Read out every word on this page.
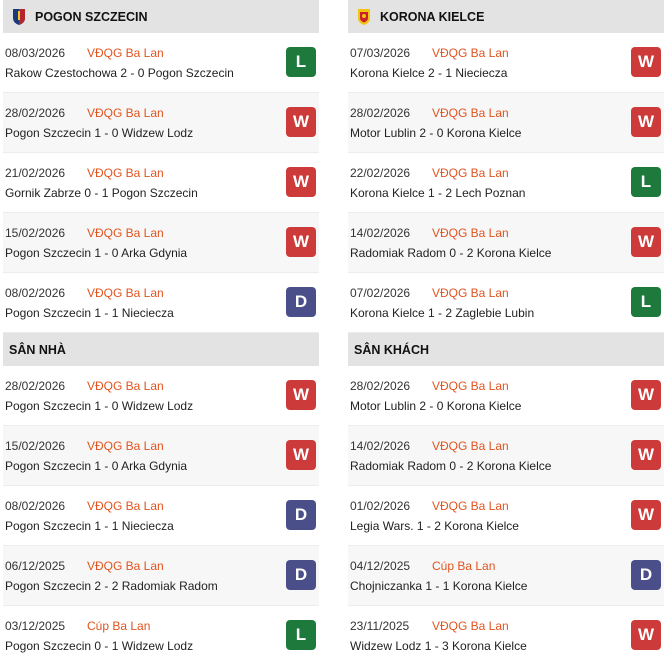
POGON SZCZECIN
08/03/2026 VĐQG Ba Lan
Rakow Czestochowa 2 - 0 Pogon Szczecin
L
28/02/2026 VĐQG Ba Lan
Pogon Szczecin 1 - 0 Widzew Lodz
W
21/02/2026 VĐQG Ba Lan
Gornik Zabrze 0 - 1 Pogon Szczecin
W
15/02/2026 VĐQG Ba Lan
Pogon Szczecin 1 - 0 Arka Gdynia
W
08/02/2026 VĐQG Ba Lan
Pogon Szczecin 1 - 1 Nieciecza
D
SÂN NHÀ
28/02/2026 VĐQG Ba Lan
Pogon Szczecin 1 - 0 Widzew Lodz
W
15/02/2026 VĐQG Ba Lan
Pogon Szczecin 1 - 0 Arka Gdynia
W
08/02/2026 VĐQG Ba Lan
Pogon Szczecin 1 - 1 Nieciecza
D
06/12/2025 VĐQG Ba Lan
Pogon Szczecin 2 - 2 Radomiak Radom
D
03/12/2025 Cúp Ba Lan
Pogon Szczecin 0 - 1 Widzew Lodz
L
KORONA KIELCE
07/03/2026 VĐQG Ba Lan
Korona Kielce 2 - 1 Nieciecza
W
28/02/2026 VĐQG Ba Lan
Motor Lublin 2 - 0 Korona Kielce
W
22/02/2026 VĐQG Ba Lan
Korona Kielce 1 - 2 Lech Poznan
L
14/02/2026 VĐQG Ba Lan
Radomiak Radom 0 - 2 Korona Kielce
W
07/02/2026 VĐQG Ba Lan
Korona Kielce 1 - 2 Zaglebie Lubin
L
SÂN KHÁCH
28/02/2026 VĐQG Ba Lan
Motor Lublin 2 - 0 Korona Kielce
W
14/02/2026 VĐQG Ba Lan
Radomiak Radom 0 - 2 Korona Kielce
W
01/02/2026 VĐQG Ba Lan
Legia Wars. 1 - 2 Korona Kielce
W
04/12/2025 Cúp Ba Lan
Chojniczanka 1 - 1 Korona Kielce
D
23/11/2025 VĐQG Ba Lan
Widzew Lodz 1 - 3 Korona Kielce
W
